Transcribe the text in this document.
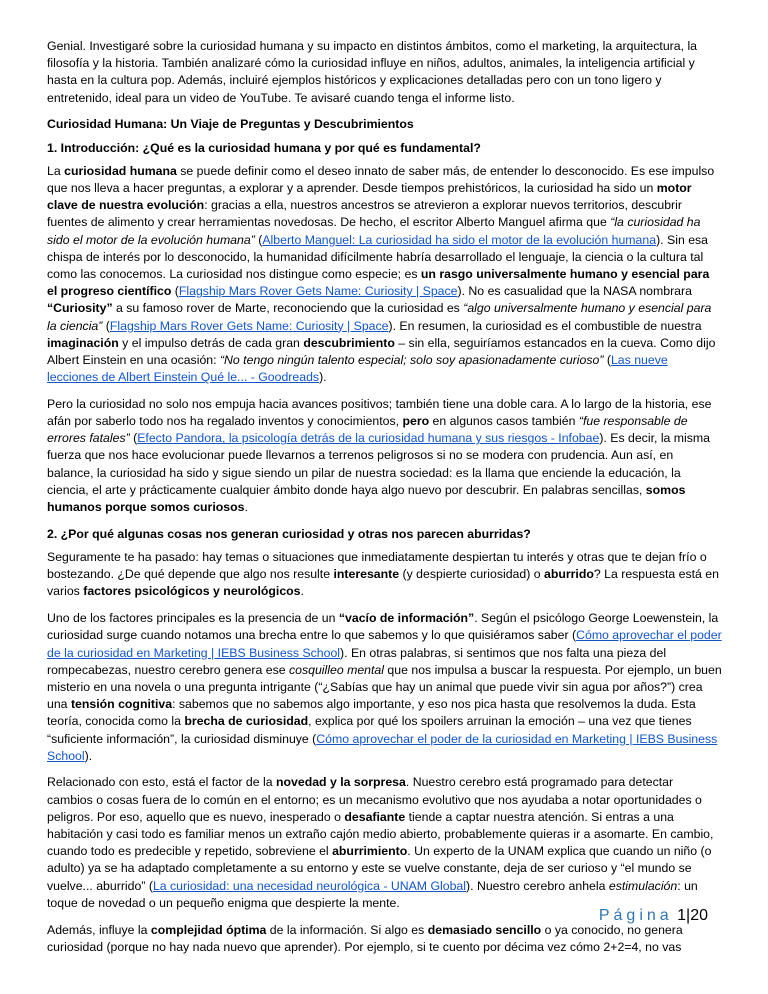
Genial. Investigaré sobre la curiosidad humana y su impacto en distintos ámbitos, como el marketing, la arquitectura, la filosofía y la historia. También analizaré cómo la curiosidad influye en niños, adultos, animales, la inteligencia artificial y hasta en la cultura pop. Además, incluiré ejemplos históricos y explicaciones detalladas pero con un tono ligero y entretenido, ideal para un video de YouTube. Te avisaré cuando tenga el informe listo.

Curiosidad Humana: Un Viaje de Preguntas y Descubrimientos

1. Introducción: ¿Qué es la curiosidad humana y por qué es fundamental?

La curiosidad humana se puede definir como el deseo innato de saber más, de entender lo desconocido. Es ese impulso que nos lleva a hacer preguntas, a explorar y a aprender. Desde tiempos prehistóricos, la curiosidad ha sido un motor clave de nuestra evolución: gracias a ella, nuestros ancestros se atrevieron a explorar nuevos territorios, descubrir fuentes de alimento y crear herramientas novedosas. De hecho, el escritor Alberto Manguel afirma que “la curiosidad ha sido el motor de la evolución humana” (Alberto Manguel: La curiosidad ha sido el motor de la evolución humana). Sin esa chispa de interés por lo desconocido, la humanidad difícilmente habría desarrollado el lenguaje, la ciencia o la cultura tal como las conocemos. La curiosidad nos distingue como especie; es un rasgo universalmente humano y esencial para el progreso científico (Flagship Mars Rover Gets Name: Curiosity | Space). No es casualidad que la NASA nombrara “Curiosity” a su famoso rover de Marte, reconociendo que la curiosidad es “algo universalmente humano y esencial para la ciencia” (Flagship Mars Rover Gets Name: Curiosity | Space). En resumen, la curiosidad es el combustible de nuestra imaginación y el impulso detrás de cada gran descubrimiento – sin ella, seguiríamos estancados en la cueva. Como dijo Albert Einstein en una ocasión: “No tengo ningún talento especial; solo soy apasionadamente curioso” (Las nueve lecciones de Albert Einstein Qué le... - Goodreads).

Pero la curiosidad no solo nos empuja hacia avances positivos; también tiene una doble cara. A lo largo de la historia, ese afán por saberlo todo nos ha regalado inventos y conocimientos, pero en algunos casos también “fue responsable de errores fatales” (Efecto Pandora, la psicología detrás de la curiosidad humana y sus riesgos - Infobae). Es decir, la misma fuerza que nos hace evolucionar puede llevarnos a terrenos peligrosos si no se modera con prudencia. Aun así, en balance, la curiosidad ha sido y sigue siendo un pilar de nuestra sociedad: es la llama que enciende la educación, la ciencia, el arte y prácticamente cualquier ámbito donde haya algo nuevo por descubrir. En palabras sencillas, somos humanos porque somos curiosos.

2. ¿Por qué algunas cosas nos generan curiosidad y otras nos parecen aburridas?

Seguramente te ha pasado: hay temas o situaciones que inmediatamente despiertan tu interés y otras que te dejan frío o bostezando. ¿De qué depende que algo nos resulte interesante (y despierte curiosidad) o aburrido? La respuesta está en varios factores psicológicos y neurológicos.

Uno de los factores principales es la presencia de un “vacío de información”. Según el psicólogo George Loewenstein, la curiosidad surge cuando notamos una brecha entre lo que sabemos y lo que quisiéramos saber (Cómo aprovechar el poder de la curiosidad en Marketing | IEBS Business School). En otras palabras, si sentimos que nos falta una pieza del rompecabezas, nuestro cerebro genera ese cosquilleo mental que nos impulsa a buscar la respuesta. Por ejemplo, un buen misterio en una novela o una pregunta intrigante (“¿Sabías que hay un animal que puede vivir sin agua por años?”) crea una tensión cognitiva: sabemos que no sabemos algo importante, y eso nos pica hasta que resolvemos la duda. Esta teoría, conocida como la brecha de curiosidad, explica por qué los spoilers arruinan la emoción – una vez que tienes “suficiente información”, la curiosidad disminuye (Cómo aprovechar el poder de la curiosidad en Marketing | IEBS Business School).

Relacionado con esto, está el factor de la novedad y la sorpresa. Nuestro cerebro está programado para detectar cambios o cosas fuera de lo común en el entorno; es un mecanismo evolutivo que nos ayudaba a notar oportunidades o peligros. Por eso, aquello que es nuevo, inesperado o desafiante tiende a captar nuestra atención. Si entras a una habitación y casi todo es familiar menos un extraño cajón medio abierto, probablemente quieras ir a asomarte. En cambio, cuando todo es predecible y repetido, sobreviene el aburrimiento. Un experto de la UNAM explica que cuando un niño (o adulto) ya se ha adaptado completamente a su entorno y este se vuelve constante, deja de ser curioso y “el mundo se vuelve... aburrido” (La curiosidad: una necesidad neurológica - UNAM Global). Nuestro cerebro anhela estimulación: un toque de novedad o un pequeño enigma que despierte la mente.

Además, influye la complejidad óptima de la información. Si algo es demasiado sencillo o ya conocido, no genera curiosidad (porque no hay nada nuevo que aprender). Por ejemplo, si te cuento por décima vez cómo 2+2=4, no vas

Página 1|20
